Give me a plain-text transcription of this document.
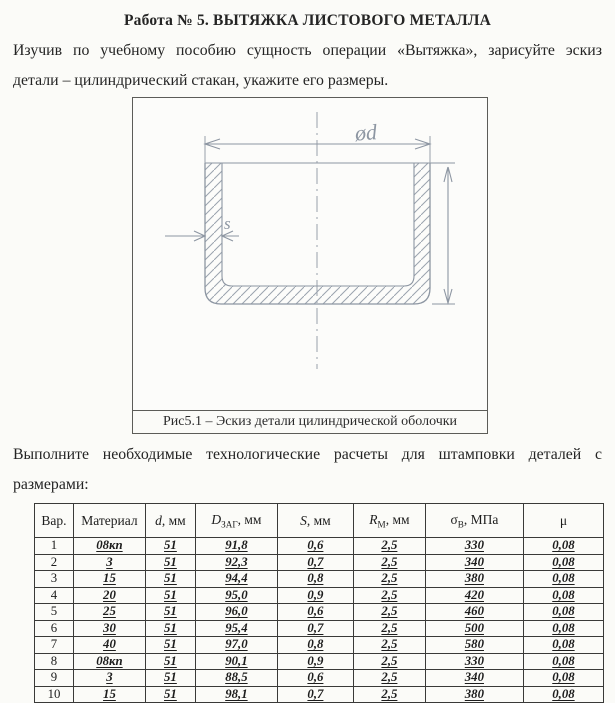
Работа № 5. ВЫТЯЖКА ЛИСТОВОГО МЕТАЛЛА
Изучив по учебному пособию сущность операции «Вытяжка», зарисуйте эскиз
детали – цилиндрический стакан, укажите его размеры.
ød
s
Рис5.1 – Эскиз детали цилиндрической оболочки
Выполните необходимые технологические расчеты для штамповки деталей с
размерами:
Вар.	Материал	d, мм	$D_{ЗАГ}$, мм	S, мм	$R_М$, мм	$\sigma_В$, МПа	μ
1	08кп	51	91,8	0,6	2,5	330	0,08
2	3	51	92,3	0,7	2,5	340	0,08
3	15	51	94,4	0,8	2,5	380	0,08
4	20	51	95,0	0,9	2,5	420	0,08
5	25	51	96,0	0,6	2,5	460	0,08
6	30	51	95,4	0,7	2,5	500	0,08
7	40	51	97,0	0,8	2,5	580	0,08
8	08кп	51	90,1	0,9	2,5	330	0,08
9	3	51	88,5	0,6	2,5	340	0,08
10	15	51	98,1	0,7	2,5	380	0,08
